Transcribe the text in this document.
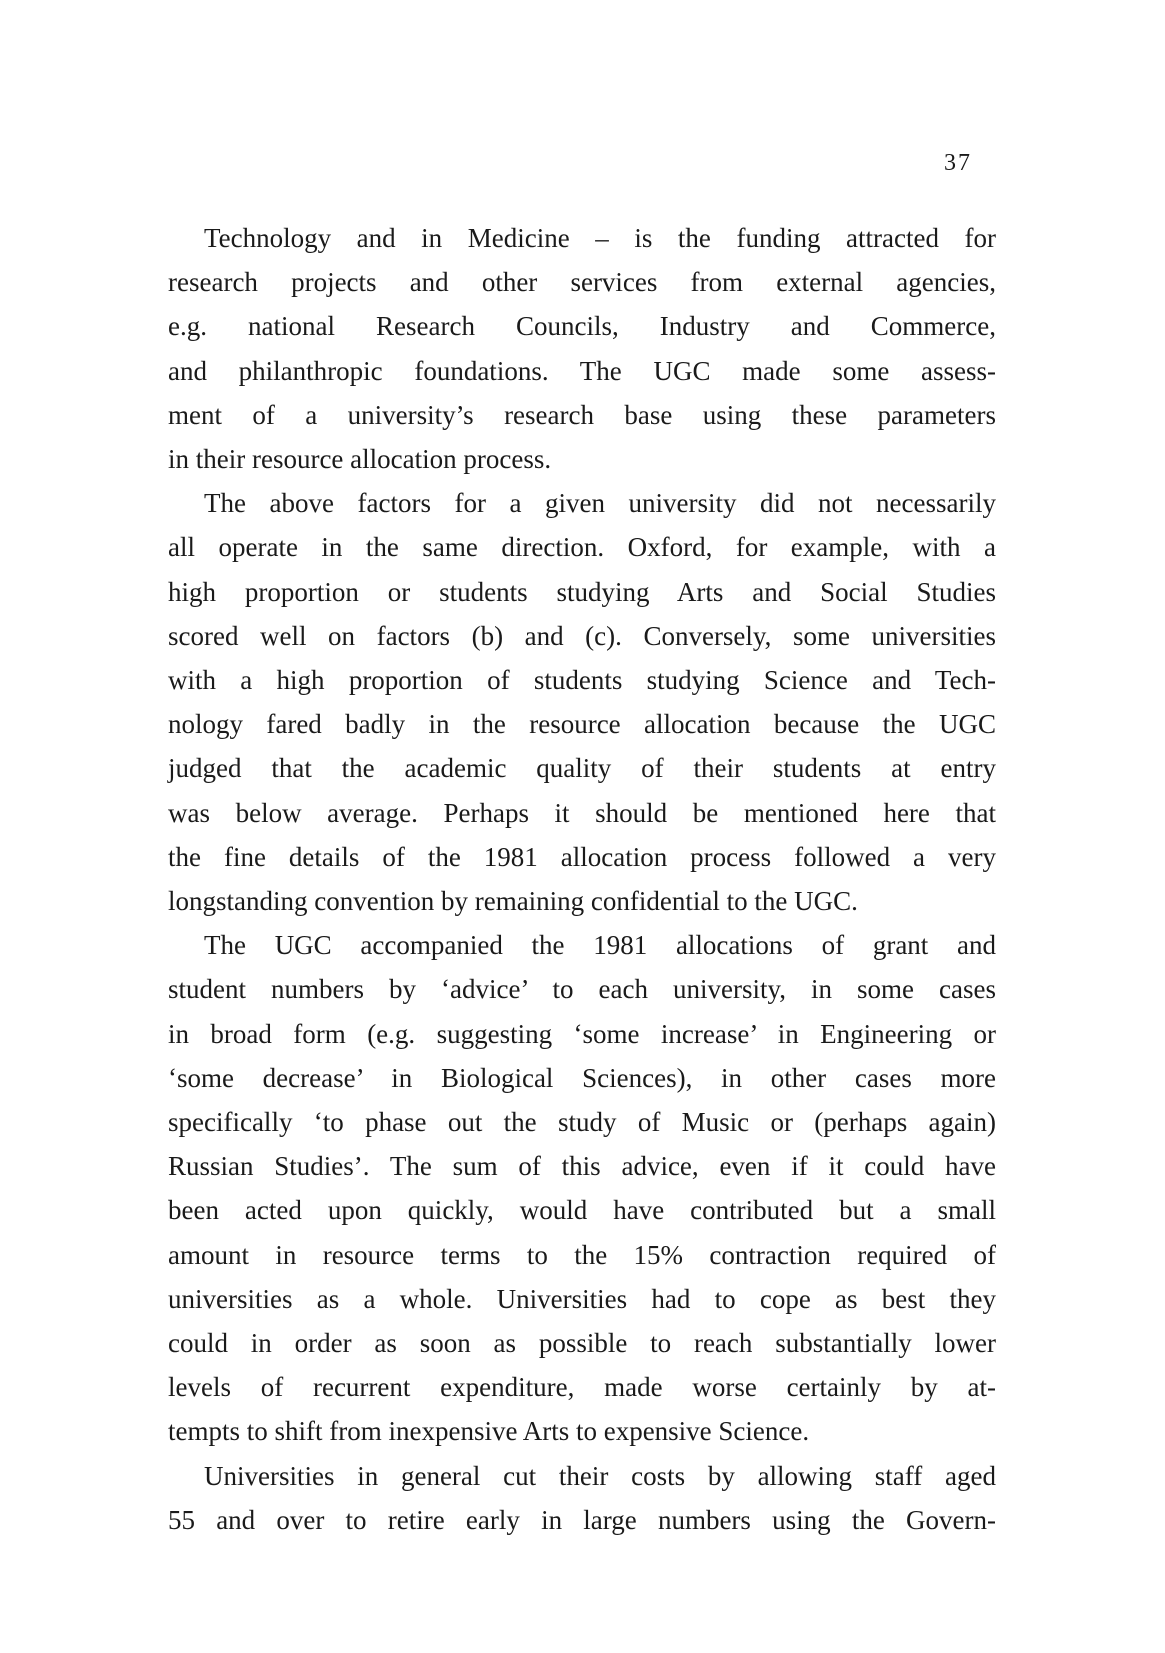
37
Technology and in Medicine – is the funding attracted for
research projects and other services from external agencies,
e.g. national Research Councils, Industry and Commerce,
and philanthropic foundations. The UGC made some assess-
ment of a university’s research base using these parameters
in their resource allocation process.
The above factors for a given university did not necessarily
all operate in the same direction. Oxford, for example, with a
high proportion or students studying Arts and Social Studies
scored well on factors (b) and (c). Conversely, some universities
with a high proportion of students studying Science and Tech-
nology fared badly in the resource allocation because the UGC
judged that the academic quality of their students at entry
was below average. Perhaps it should be mentioned here that
the fine details of the 1981 allocation process followed a very
longstanding convention by remaining confidential to the UGC.
The UGC accompanied the 1981 allocations of grant and
student numbers by ‘advice’ to each university, in some cases
in broad form (e.g. suggesting ‘some increase’ in Engineering or
‘some decrease’ in Biological Sciences), in other cases more
specifically ‘to phase out the study of Music or (perhaps again)
Russian Studies’. The sum of this advice, even if it could have
been acted upon quickly, would have contributed but a small
amount in resource terms to the 15% contraction required of
universities as a whole. Universities had to cope as best they
could in order as soon as possible to reach substantially lower
levels of recurrent expenditure, made worse certainly by at-
tempts to shift from inexpensive Arts to expensive Science.
Universities in general cut their costs by allowing staff aged
55 and over to retire early in large numbers using the Govern-
